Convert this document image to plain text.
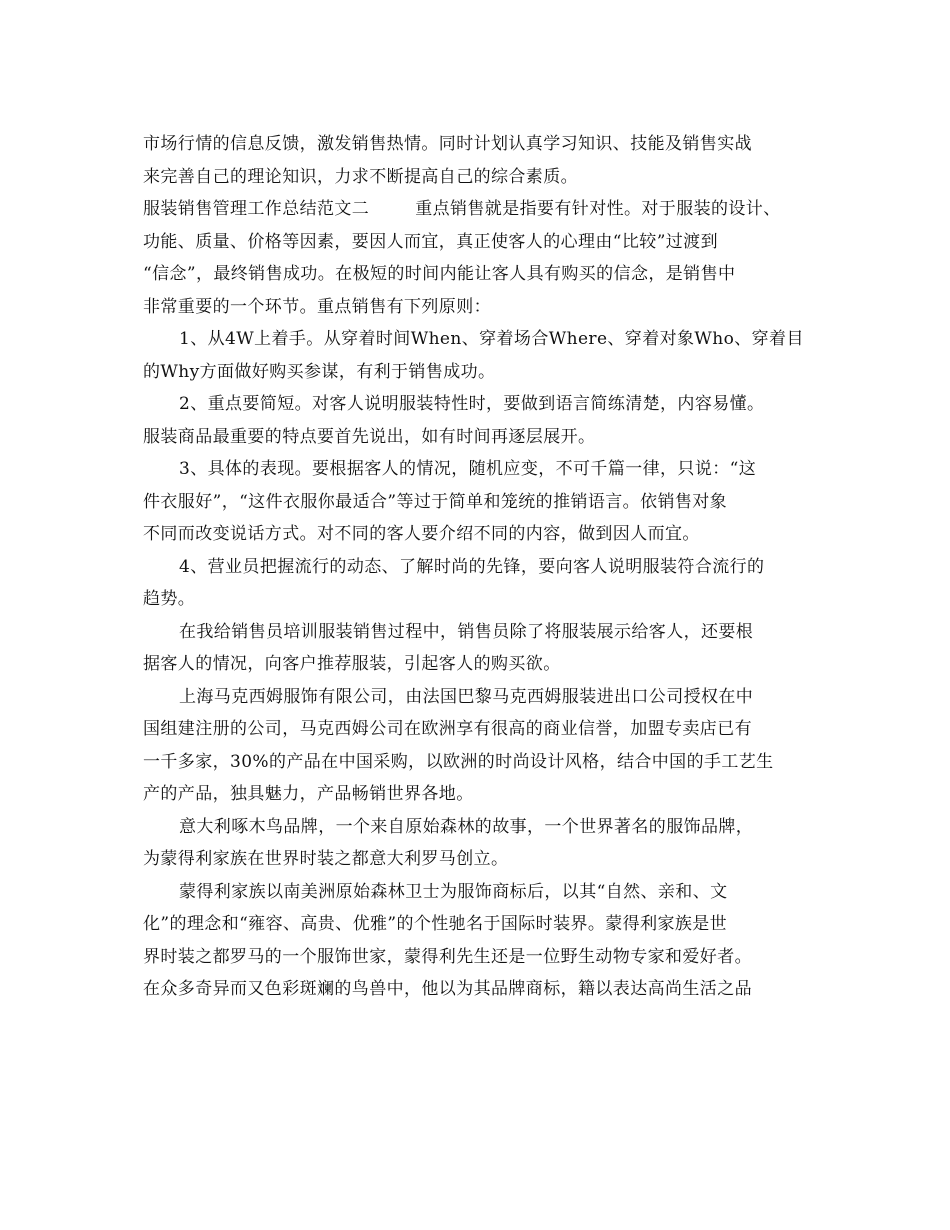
市场行情的信息反馈，激发销售热情。同时计划认真学习知识、技能及销售实战
来完善自己的理论知识，力求不断提高自己的综合素质。
服装销售管理工作总结范文二	重点销售就是指要有针对性。对于服装的设计、
功能、质量、价格等因素，要因人而宜，真正使客人的心理由“比较”过渡到
“信念”，最终销售成功。在极短的时间内能让客人具有购买的信念，是销售中
非常重要的一个环节。重点销售有下列原则：
1、从4W上着手。从穿着时间When、穿着场合Where、穿着对象Who、穿着目
的Why方面做好购买参谋，有利于销售成功。
2、重点要简短。对客人说明服装特性时，要做到语言简练清楚，内容易懂。
服装商品最重要的特点要首先说出，如有时间再逐层展开。
3、具体的表现。要根据客人的情况，随机应变，不可千篇一律，只说：“这
件衣服好”，“这件衣服你最适合”等过于简单和笼统的推销语言。依销售对象
不同而改变说话方式。对不同的客人要介绍不同的内容，做到因人而宜。
4、营业员把握流行的动态、了解时尚的先锋，要向客人说明服装符合流行的
趋势。
在我给销售员培训服装销售过程中，销售员除了将服装展示给客人，还要根
据客人的情况，向客户推荐服装，引起客人的购买欲。
上海马克西姆服饰有限公司，由法国巴黎马克西姆服装进出口公司授权在中
国组建注册的公司，马克西姆公司在欧洲享有很高的商业信誉，加盟专卖店已有
一千多家，30%的产品在中国采购，以欧洲的时尚设计风格，结合中国的手工艺生
产的产品，独具魅力，产品畅销世界各地。
意大利啄木鸟品牌，一个来自原始森林的故事，一个世界著名的服饰品牌，
为蒙得利家族在世界时装之都意大利罗马创立。
蒙得利家族以南美洲原始森林卫士为服饰商标后，以其“自然、亲和、文
化”的理念和“雍容、高贵、优雅”的个性驰名于国际时装界。蒙得利家族是世
界时装之都罗马的一个服饰世家，蒙得利先生还是一位野生动物专家和爱好者。
在众多奇异而又色彩斑斓的鸟兽中，他以为其品牌商标，籍以表达高尚生活之品
